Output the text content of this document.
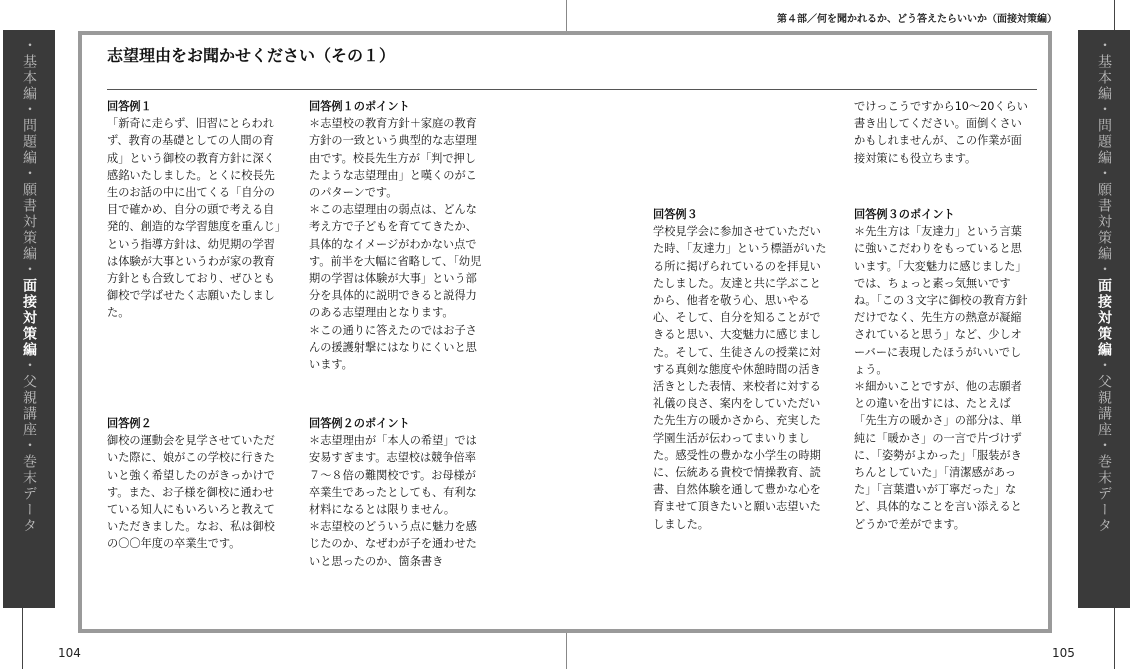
第４部／何を聞かれるか、どう答えたらいいか（面接対策編）
・基本編・問題編・願書対策編・面接対策編・父親講座・巻末データ
・基本編・問題編・願書対策編・面接対策編・父親講座・巻末データ
志望理由をお聞かせください（その１）

回答例１

「新奇に走らず、旧習にとらわれず、教育の基礎としての人間の育成」という御校の教育方針に深く感銘いたしました。とくに校長先生のお話の中に出てくる「自分の目で確かめ、自分の頭で考える自発的、創造的な学習態度を重んじ」という指導方針は、幼児期の学習は体験が大事というわが家の教育方針とも合致しており、ぜひとも御校で学ばせたく志願いたしました。

回答例２

御校の運動会を見学させていただいた際に、娘がこの学校に行きたいと強く希望したのがきっかけです。また、お子様を御校に通わせている知人にもいろいろと教えていただきました。なお、私は御校の〇〇年度の卒業生です。

回答例１のポイント

＊志望校の教育方針＋家庭の教育方針の一致という典型的な志望理由です。校長先生方が「判で押したような志望理由」と嘆くのがこのパターンです。

＊この志望理由の弱点は、どんな考え方で子どもを育ててきたか、具体的なイメージがわかない点です。前半を大幅に省略して、「幼児期の学習は体験が大事」という部分を具体的に説明できると説得力のある志望理由となります。

＊この通りに答えたのではお子さんの援護射撃にはなりにくいと思います。

回答例２のポイント

＊志望理由が「本人の希望」では安易すぎます。志望校は競争倍率７～８倍の難関校です。お母様が卒業生であったとしても、有利な材料になるとは限りません。

＊志望校のどういう点に魅力を感じたのか、なぜわが子を通わせたいと思ったのか、箇条書き

回答例３

学校見学会に参加させていただいた時、「友達力」という標語がいたる所に掲げられているのを拝見いたしました。友達と共に学ぶことから、他者を敬う心、思いやる心、そして、自分を知ることができると思い、大変魅力に感じました。そして、生徒さんの授業に対する真剣な態度や休憩時間の活き活きとした表情、来校者に対する礼儀の良さ、案内をしていただいた先生方の暖かさから、充実した学園生活が伝わってまいりました。感受性の豊かな小学生の時期に、伝統ある貴校で情操教育、読書、自然体験を通して豊かな心を育ませて頂きたいと願い志望いたしました。

でけっこうですから10～20くらい書き出してください。面倒くさいかもしれませんが、この作業が面接対策にも役立ちます。

回答例３のポイント

＊先生方は「友達力」という言葉に強いこだわりをもっていると思います。「大変魅力に感じました」では、ちょっと素っ気無いですね。「この３文字に御校の教育方針だけでなく、先生方の熱意が凝縮されていると思う」など、少しオーバーに表現したほうがいいでしょう。

＊細かいことですが、他の志願者との違いを出すには、たとえば「先生方の暖かさ」の部分は、単純に「暖かさ」の一言で片づけずに、「姿勢がよかった」「服装がきちんとしていた」「清潔感があった」「言葉遣いが丁寧だった」など、具体的なことを言い添えるとどうかで差がでます。

104	105
